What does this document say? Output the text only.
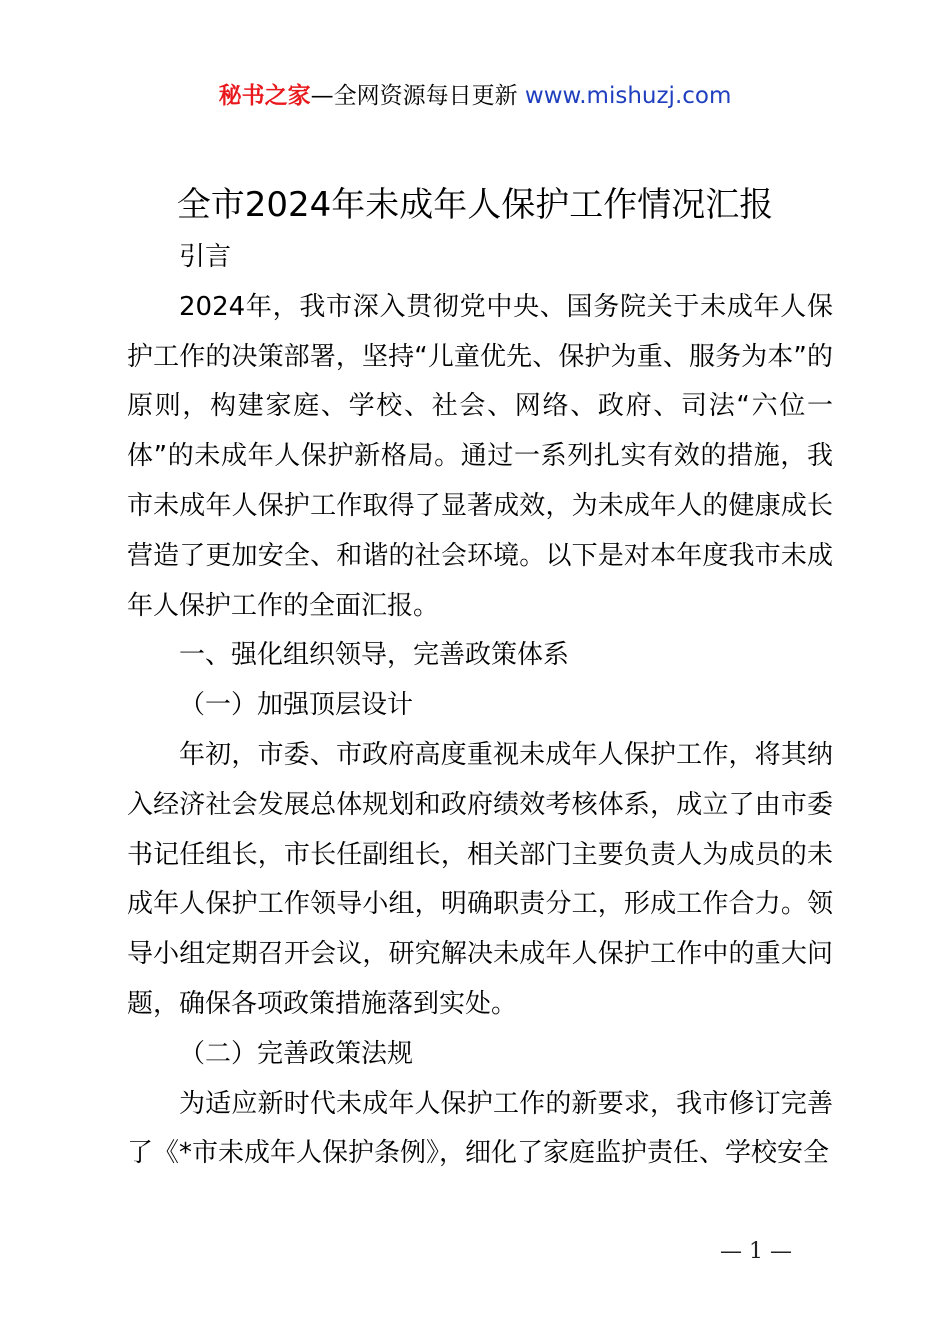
秘书之家—全网资源每日更新 www.mishuzj.com
全市2024年未成年人保护工作情况汇报

引言

2024年，我市深入贯彻党中央、国务院关于未成年人保护工作的决策部署，坚持“儿童优先、保护为重、服务为本”的原则，构建家庭、学校、社会、网络、政府、司法“六位一体”的未成年人保护新格局。通过一系列扎实有效的措施，我市未成年人保护工作取得了显著成效，为未成年人的健康成长营造了更加安全、和谐的社会环境。以下是对本年度我市未成年人保护工作的全面汇报。

一、强化组织领导，完善政策体系

（一）加强顶层设计

年初，市委、市政府高度重视未成年人保护工作，将其纳入经济社会发展总体规划和政府绩效考核体系，成立了由市委书记任组长，市长任副组长，相关部门主要负责人为成员的未成年人保护工作领导小组，明确职责分工，形成工作合力。领导小组定期召开会议，研究解决未成年人保护工作中的重大问题，确保各项政策措施落到实处。

（二）完善政策法规

为适应新时代未成年人保护工作的新要求，我市修订完善了《*市未成年人保护条例》，细化了家庭监护责任、学校安全

— 1 —
